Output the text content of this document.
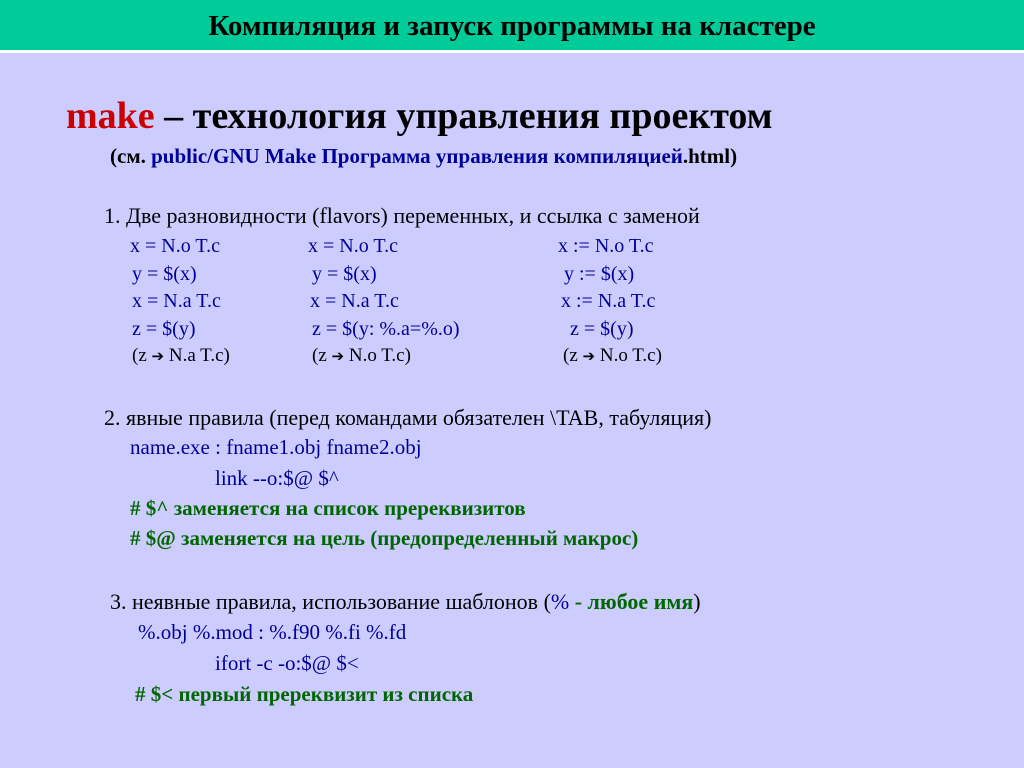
Компиляция и запуск программы на кластере
make – технология управления проектом
(см. public/GNU Make Программа управления компиляцией.html)
1. Две разновидности (flavors) переменных, и ссылка с заменой
x = N.o T.c
y = $(x)
x = N.a T.c
z = $(y)
x = N.o T.c
y = $(x)
x = N.a T.c
z = $(y: %.a=%.o)
x := N.o T.c
y := $(x)
x := N.a T.c
z = $(y)
(z ➔ N.a T.c)	(z ➔ N.o T.c)	(z ➔ N.o T.c)
2. явные правила (перед командами обязателен \TAB, табуляция)
name.exe : fname1.obj fname2.obj
link --o:$@ $^
# $^ заменяется на список пререквизитов
# $@ заменяется на цель (предопределенный макрос)
3. неявные правила, использование шаблонов (% - любое имя)
%.obj %.mod : %.f90 %.fi %.fd
ifort -c -o:$@ $<
# $< первый пререквизит из списка
